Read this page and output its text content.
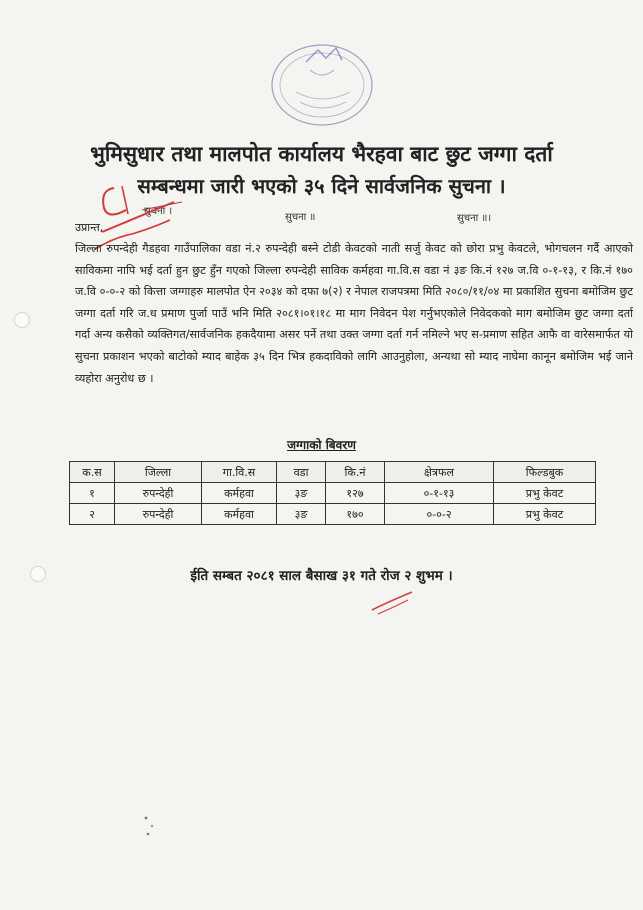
भुमिसुधार तथा मालपोत कार्यालय भैरहवा बाट छुट जग्गा दर्ता
सम्बन्धमा जारी भएको ३५ दिने सार्वजनिक सुचना ।
सुचना ।
सुचना ॥	सुचना ॥।
उप्रान्त,
जिल्ला रुपन्देही गैडहवा गाउँपालिका वडा नं.२ रुपन्देही बस्ने टोडी केवटको नाती सर्जु केवट को छोरा प्रभु केवटले, भोगचलन गर्दै आएको साविकमा नापि भई दर्ता हुन छुट हुँन गएको जिल्ला रुपन्देही साविक कर्महवा गा.वि.स वडा नं ३ङ कि.नं १२७ ज.वि ०-१-१३, र कि.नं १७० ज.वि ०-०-२ को कित्ता जग्गाहरु मालपोत ऐन २०३४ को दफा ७(२) र नेपाल राजपत्रमा मिति २०८०/११/०४ मा प्रकाशित सुचना बमोजिम छुट जग्गा दर्ता गरि ज.ध प्रमाण पुर्जा पाउँ भनि मिति २०८१।०१।१८ मा माग निवेदन पेश गर्नुभएकोले निवेदकको माग बमोजिम छुट जग्गा दर्ता गर्दा अन्य कसैको व्यक्तिगत/सार्वजनिक हकदैयामा असर पर्ने तथा उक्त जग्गा दर्ता गर्न नमिल्ने भए स-प्रमाण सहित आफै वा वारेसमार्फत यो सुचना प्रकाशन भएको बाटोको म्याद बाहेक ३५ दिन भित्र हकदाविको लागि आउनुहोला, अन्यथा सो म्याद नाघेमा कानून बमोजिम भई जाने व्यहोरा अनुरोध छ ।
जग्गाको बिवरण
क.स	जिल्ला	गा.वि.स	वडा	कि.नं	क्षेत्रफल	फिल्डबुक
१	रुपन्देही	कर्महवा	३ङ	१२७	०-१-१३	प्रभु केवट
२	रुपन्देही	कर्महवा	३ङ	१७०	०-०-२	प्रभु केवट
ईति सम्बत २०८१ साल बैसाख ३१ गते रोज २ शुभम ।
